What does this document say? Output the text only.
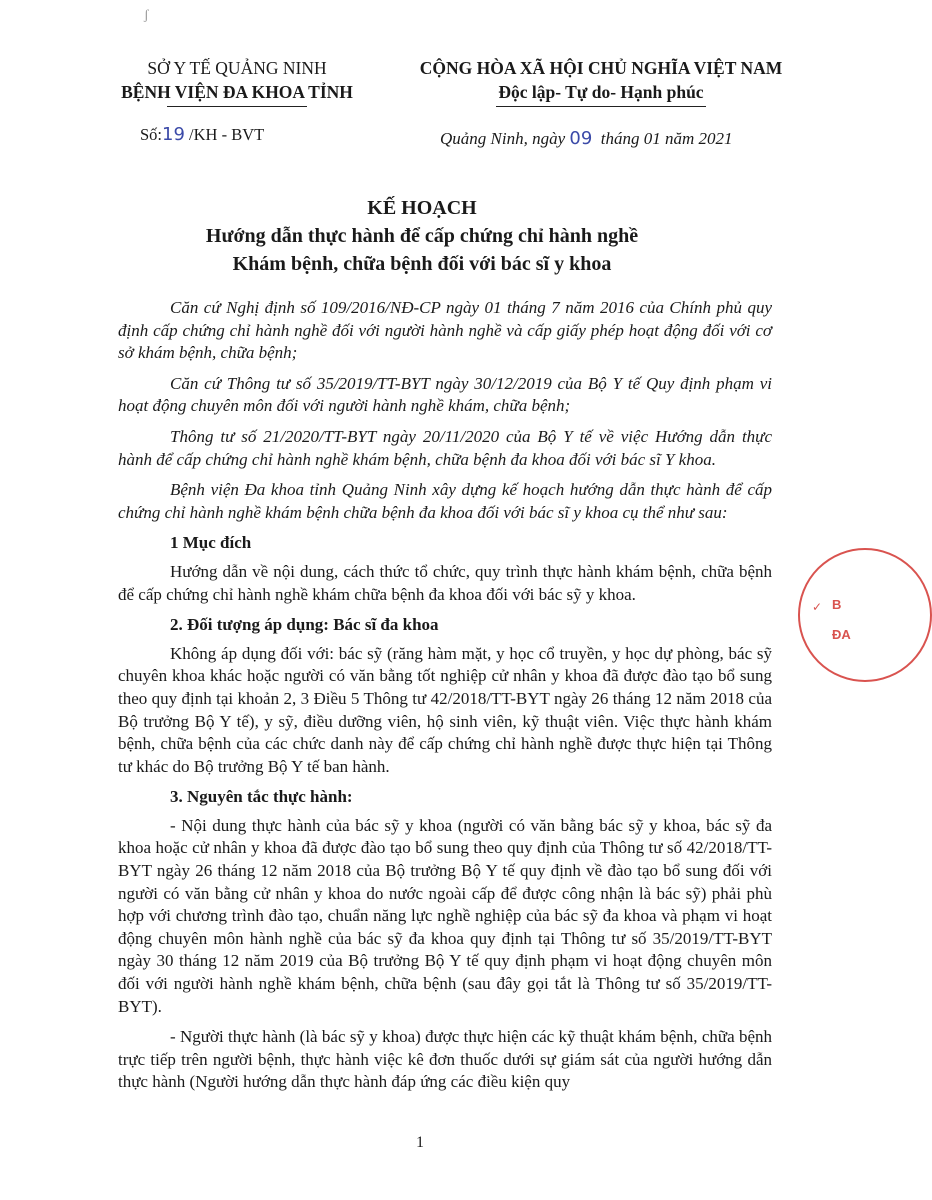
ʃ
SỞ Y TẾ QUẢNG NINH
BỆNH VIỆN ĐA KHOA TỈNH
CỘNG HÒA XÃ HỘI CHỦ NGHĨA VIỆT NAM
Độc lập- Tự do- Hạnh phúc
Số:19 /KH - BVT	Quảng Ninh, ngày 09 tháng 01 năm 2021
KẾ HOẠCH
Hướng dẫn thực hành để cấp chứng chỉ hành nghề
Khám bệnh, chữa bệnh đối với bác sĩ y khoa

Căn cứ Nghị định số 109/2016/NĐ-CP ngày 01 tháng 7 năm 2016 của Chính phủ quy định cấp chứng chỉ hành nghề đối với người hành nghề và cấp giấy phép hoạt động đối với cơ sở khám bệnh, chữa bệnh;

Căn cứ Thông tư số 35/2019/TT-BYT ngày 30/12/2019 của Bộ Y tế Quy định phạm vi hoạt động chuyên môn đối với người hành nghề khám, chữa bệnh;

Thông tư số 21/2020/TT-BYT ngày 20/11/2020 của Bộ Y tế về việc Hướng dẫn thực hành để cấp chứng chỉ hành nghề khám bệnh, chữa bệnh đa khoa đối với bác sĩ Y khoa.

Bệnh viện Đa khoa tỉnh Quảng Ninh xây dựng kế hoạch hướng dẫn thực hành để cấp chứng chỉ hành nghề khám bệnh chữa bệnh đa khoa đối với bác sĩ y khoa cụ thể như sau:

1 Mục đích

Hướng dẫn về nội dung, cách thức tổ chức, quy trình thực hành khám bệnh, chữa bệnh để cấp chứng chỉ hành nghề khám chữa bệnh đa khoa đối với bác sỹ y khoa.

2. Đối tượng áp dụng: Bác sĩ đa khoa

Không áp dụng đối với: bác sỹ (răng hàm mặt, y học cổ truyền, y học dự phòng, bác sỹ chuyên khoa khác hoặc người có văn bằng tốt nghiệp cử nhân y khoa đã được đào tạo bổ sung theo quy định tại khoản 2, 3 Điều 5 Thông tư 42/2018/TT-BYT ngày 26 tháng 12 năm 2018 của Bộ trưởng Bộ Y tế), y sỹ, điều dưỡng viên, hộ sinh viên, kỹ thuật viên. Việc thực hành khám bệnh, chữa bệnh của các chức danh này để cấp chứng chỉ hành nghề được thực hiện tại Thông tư khác do Bộ trưởng Bộ Y tế ban hành.

3. Nguyên tắc thực hành:

- Nội dung thực hành của bác sỹ y khoa (người có văn bằng bác sỹ y khoa, bác sỹ đa khoa hoặc cử nhân y khoa đã được đào tạo bổ sung theo quy định của Thông tư số 42/2018/TT-BYT ngày 26 tháng 12 năm 2018 của Bộ trưởng Bộ Y tế quy định về đào tạo bổ sung đối với người có văn bằng cử nhân y khoa do nước ngoài cấp để được công nhận là bác sỹ) phải phù hợp với chương trình đào tạo, chuẩn năng lực nghề nghiệp của bác sỹ đa khoa và phạm vi hoạt động chuyên môn hành nghề của bác sỹ đa khoa quy định tại Thông tư số 35/2019/TT-BYT ngày 30 tháng 12 năm 2019 của Bộ trưởng Bộ Y tế quy định phạm vi hoạt động chuyên môn đối với người hành nghề khám bệnh, chữa bệnh (sau đây gọi tắt là Thông tư số 35/2019/TT-BYT).

- Người thực hành (là bác sỹ y khoa) được thực hiện các kỹ thuật khám bệnh, chữa bệnh trực tiếp trên người bệnh, thực hành việc kê đơn thuốc dưới sự giám sát của người hướng dẫn thực hành (Người hướng dẫn thực hành đáp ứng các điều kiện quy

1
✓ B
ĐA
